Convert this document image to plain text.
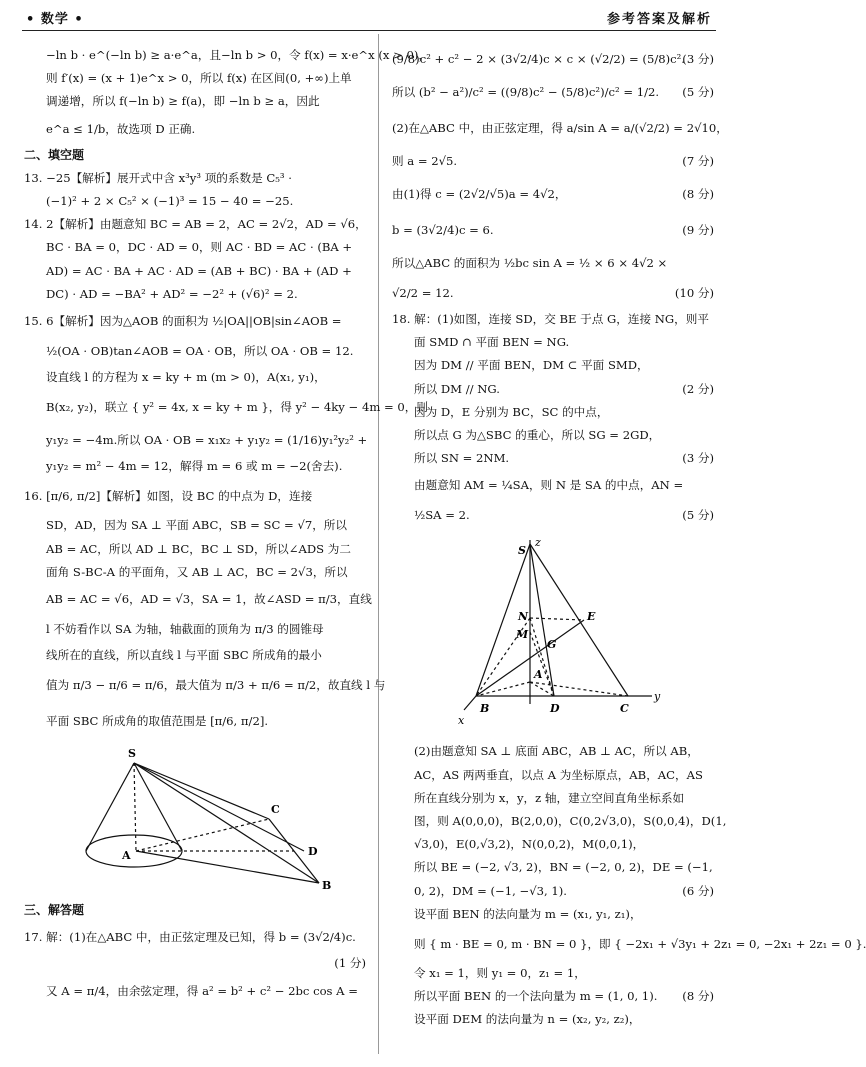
• 数学 •	参考答案及解析
−ln b · e^(−ln b) ≥ a·e^a，且−ln b > 0，令 f(x) = x·e^x (x > 0)，
则 f′(x) = (x + 1)e^x > 0，所以 f(x) 在区间(0, +∞)上单
调递增，所以 f(−ln b) ≥ f(a)，即 −ln b ≥ a，因此
e^a ≤ 1/b，故选项 D 正确.
二、填空题
13. −25【解析】展开式中含 x³y³ 项的系数是 C₅³ ·
(−1)² + 2 × C₅² × (−1)³ = 15 − 40 = −25.
14. 2【解析】由题意知 BC = AB = 2，AC = 2√2，AD = √6，
BC · BA = 0，DC · AD = 0，则 AC · BD = AC · (BA +
AD) = AC · BA + AC · AD = (AB + BC) · BA + (AD +
DC) · AD = −BA² + AD² = −2² + (√6)² = 2.
15. 6【解析】因为△AOB 的面积为 ½|OA||OB|sin∠AOB =
½(OA · OB)tan∠AOB = OA · OB，所以 OA · OB = 12.
设直线 l 的方程为 x = ky + m (m > 0)，A(x₁, y₁)，
B(x₂, y₂)，联立 { y² = 4x, x = ky + m }，得 y² − 4ky − 4m = 0，则
y₁y₂ = −4m.所以 OA · OB = x₁x₂ + y₁y₂ = (1/16)y₁²y₂² +
y₁y₂ = m² − 4m = 12，解得 m = 6 或 m = −2(舍去).
16. [π/6, π/2]【解析】如图，设 BC 的中点为 D，连接
SD，AD，因为 SA ⊥ 平面 ABC，SB = SC = √7，所以
AB = AC，所以 AD ⊥ BC，BC ⊥ SD，所以∠ADS 为二
面角 S-BC-A 的平面角，又 AB ⊥ AC，BC = 2√3，所以
AB = AC = √6，AD = √3，SA = 1，故∠ASD = π/3，直线
l 不妨看作以 SA 为轴，轴截面的顶角为 π/3 的圆锥母
线所在的直线，所以直线 l 与平面 SBC 所成角的最小
值为 π/3 − π/6 = π/6，最大值为 π/3 + π/6 = π/2，故直线 l 与
平面 SBC 所成角的取值范围是 [π/6, π/2].
S
C
A	D
B
三、解答题
17. 解：(1)在△ABC 中，由正弦定理及已知，得 b = (3√2/4)c.
(1 分)

又 A = π/4，由余弦定理，得 a² = b² + c² − 2bc cos A =
(9/8)c² + c² − 2 × (3√2/4)c × c × (√2/2) = (5/8)c².
(3 分)
所以 (b² − a²)/c² = ((9/8)c² − (5/8)c²)/c² = 1/2. (5 分)
(2)在△ABC 中，由正弦定理，得 a/sin A = a/(√2/2) = 2√10，
则 a = 2√5.	(7 分)
由(1)得 c = (2√2/√5)a = 4√2，	(8 分)
b = (3√2/4)c = 6.	(9 分)
所以△ABC 的面积为 ½bc sin A = ½ × 6 × 4√2 ×
√2/2 = 12.	(10 分)
18. 解：(1)如图，连接 SD，交 BE 于点 G，连接 NG，则平
面 SMD ∩ 平面 BEN = NG.
因为 DM // 平面 BEN，DM ⊂ 平面 SMD，
所以 DM // NG.	(2 分)
因为 D，E 分别为 BC，SC 的中点，
所以点 G 为△SBC 的重心，所以 SG = 2GD，
所以 SN = 2NM.	(3 分)
由题意知 AM = ¼SA，则 N 是 SA 的中点，AN =
½SA = 2.	(5 分)
S
z
N	E
M
G
A
B	D	C
x
y
(2)由题意知 SA ⊥ 底面 ABC，AB ⊥ AC，所以 AB，
AC，AS 两两垂直，以点 A 为坐标原点，AB，AC，AS
所在直线分别为 x，y，z 轴，建立空间直角坐标系如
图，则 A(0,0,0)，B(2,0,0)，C(0,2√3,0)，S(0,0,4)，D(1,
√3,0)，E(0,√3,2)，N(0,0,2)，M(0,0,1)，
所以 BE = (−2, √3, 2)，BN = (−2, 0, 2)，DE = (−1,
0, 2)，DM = (−1, −√3, 1).	(6 分)
设平面 BEN 的法向量为 m = (x₁, y₁, z₁)，
则 { m · BE = 0, m · BN = 0 }，即 { −2x₁ + √3y₁ + 2z₁ = 0, −2x₁ + 2z₁ = 0 }.
令 x₁ = 1，则 y₁ = 0，z₁ = 1，
所以平面 BEN 的一个法向量为 m = (1, 0, 1). (8 分)
设平面 DEM 的法向量为 n = (x₂, y₂, z₂)，
